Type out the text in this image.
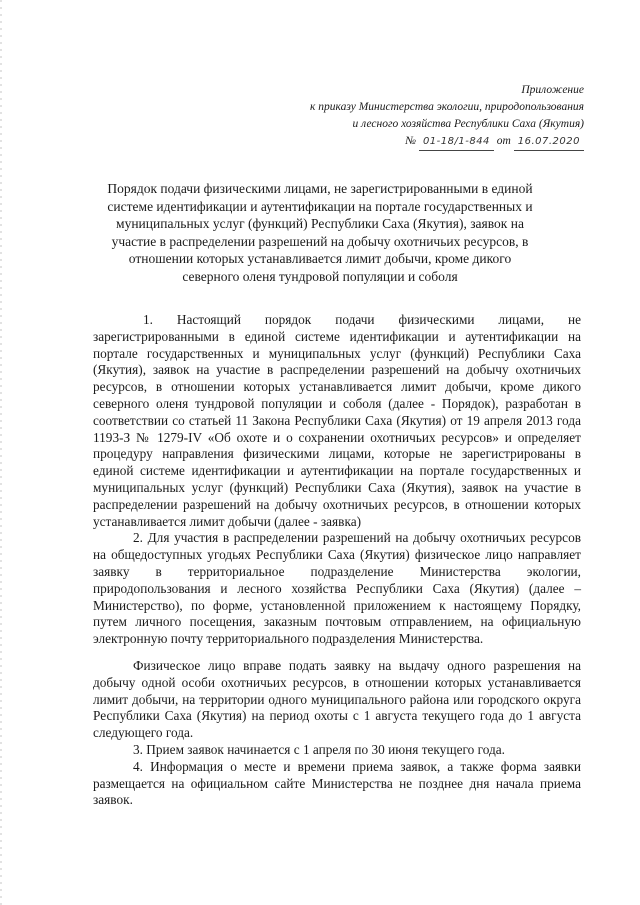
Приложение
к приказу Министерства экологии, природопользования
и лесного хозяйства Республики Саха (Якутия)
№ 01-18/1-844 от 16.07.2020
Порядок подачи физическими лицами, не зарегистрированными в единой системе идентификации и аутентификации на портале государственных и муниципальных услуг (функций) Республики Саха (Якутия), заявок на участие в распределении разрешений на добычу охотничьих ресурсов, в отношении которых устанавливается лимит добычи, кроме дикого северного оленя тундровой популяции и соболя

1. Настоящий порядок подачи физическими лицами, не зарегистрированными в единой системе идентификации и аутентификации на портале государственных и муниципальных услуг (функций) Республики Саха (Якутия), заявок на участие в распределении разрешений на добычу охотничьих ресурсов, в отношении которых устанавливается лимит добычи, кроме дикого северного оленя тундровой популяции и соболя (далее - Порядок), разработан в соответствии со статьей 11 Закона Республики Саха (Якутия) от 19 апреля 2013 года 1193-З № 1279-IV «Об охоте и о сохранении охотничьих ресурсов» и определяет процедуру направления физическими лицами, которые не зарегистрированы в единой системе идентификации и аутентификации на портале государственных и муниципальных услуг (функций) Республики Саха (Якутия), заявок на участие в распределении разрешений на добычу охотничьих ресурсов, в отношении которых устанавливается лимит добычи (далее - заявка)

2. Для участия в распределении разрешений на добычу охотничьих ресурсов на общедоступных угодьях Республики Саха (Якутия) физическое лицо направляет заявку в территориальное подразделение Министерства экологии, природопользования и лесного хозяйства Республики Саха (Якутия) (далее – Министерство), по форме, установленной приложением к настоящему Порядку, путем личного посещения, заказным почтовым отправлением, на официальную электронную почту территориального подразделения Министерства.

Физическое лицо вправе подать заявку на выдачу одного разрешения на добычу одной особи охотничьих ресурсов, в отношении которых устанавливается лимит добычи, на территории одного муниципального района или городского округа Республики Саха (Якутия) на период охоты с 1 августа текущего года до 1 августа следующего года.

3. Прием заявок начинается с 1 апреля по 30 июня текущего года.

4. Информация о месте и времени приема заявок, а также форма заявки размещается на официальном сайте Министерства не позднее дня начала приема заявок.
